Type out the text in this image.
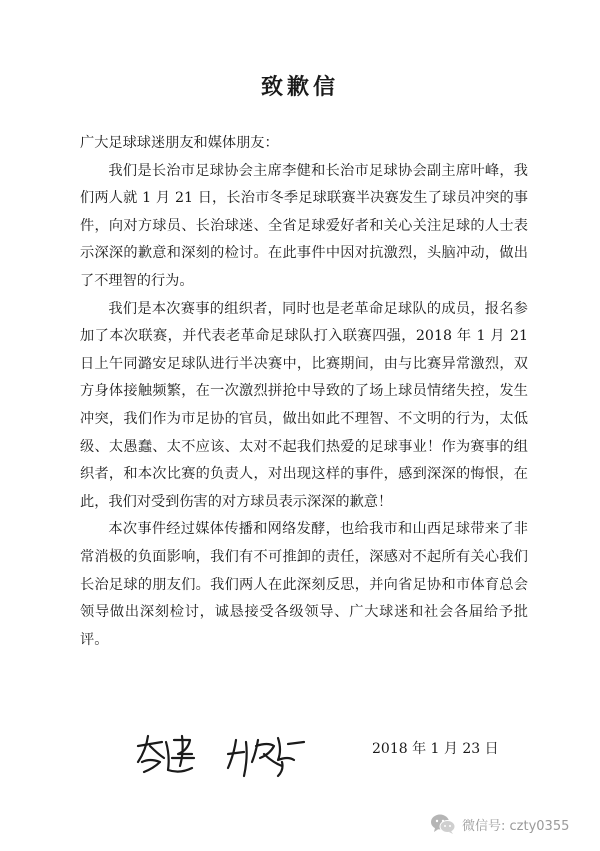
致歉信

广大足球球迷朋友和媒体朋友：

我们是长治市足球协会主席李健和长治市足球协会副主席叶峰，我们两人就 1 月 21 日，长治市冬季足球联赛半决赛发生了球员冲突的事件，向对方球员、长治球迷、全省足球爱好者和关心关注足球的人士表示深深的歉意和深刻的检讨。在此事件中因对抗激烈，头脑冲动，做出了不理智的行为。

我们是本次赛事的组织者，同时也是老革命足球队的成员，报名参加了本次联赛，并代表老革命足球队打入联赛四强，2018 年 1 月 21 日上午同潞安足球队进行半决赛中，比赛期间，由与比赛异常激烈，双方身体接触频繁，在一次激烈拼抢中导致的了场上球员情绪失控，发生冲突，我们作为市足协的官员，做出如此不理智、不文明的行为，太低级、太愚蠢、太不应该、太对不起我们热爱的足球事业！作为赛事的组织者，和本次比赛的负责人，对出现这样的事件，感到深深的悔恨，在此，我们对受到伤害的对方球员表示深深的歉意！

本次事件经过媒体传播和网络发酵，也给我市和山西足球带来了非常消极的负面影响，我们有不可推卸的责任，深感对不起所有关心我们长治足球的朋友们。我们两人在此深刻反思，并向省足协和市体育总会领导做出深刻检讨，诚恳接受各级领导、广大球迷和社会各届给予批评。

2018 年 1 月 23 日

微信号: czty0355
